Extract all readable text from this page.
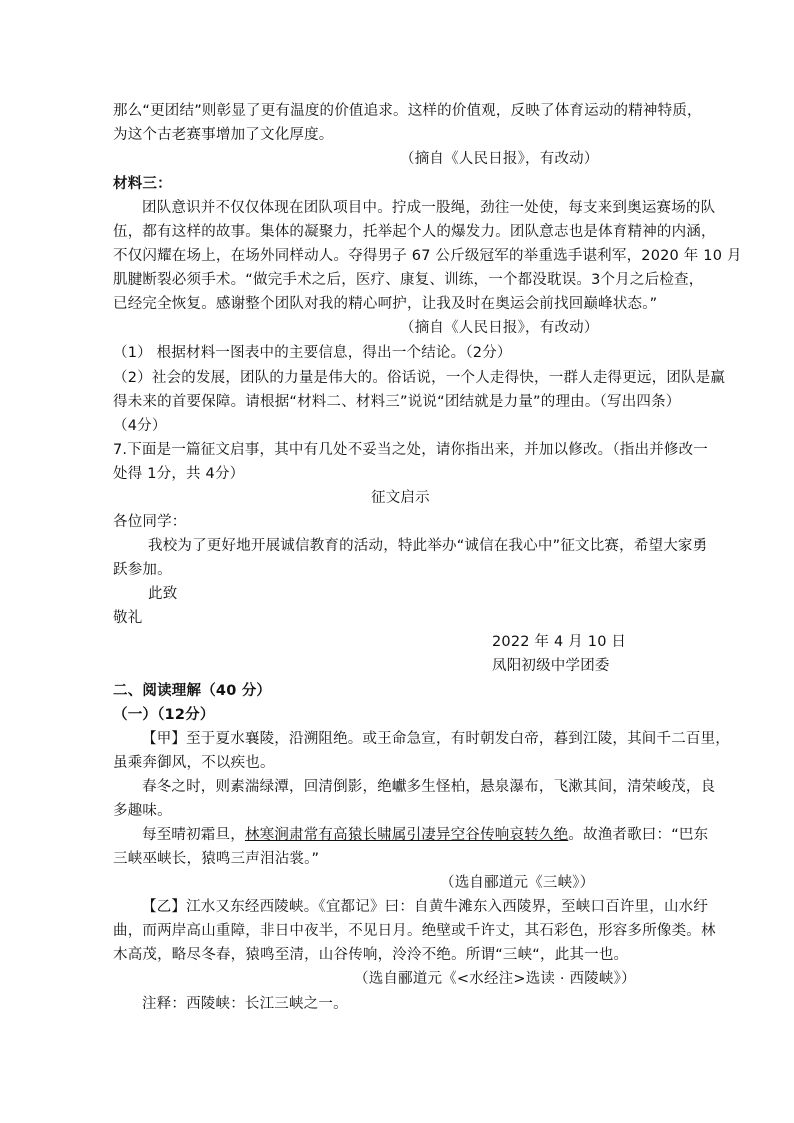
那么“更团结”则彰显了更有温度的价值追求。这样的价值观，反映了体育运动的精神特质，
为这个古老赛事增加了文化厚度。
（摘自《人民日报》，有改动）
材料三：
团队意识并不仅仅体现在团队项目中。拧成一股绳，劲往一处使，每支来到奥运赛场的队
伍，都有这样的故事。集体的凝聚力，托举起个人的爆发力。团队意志也是体育精神的内涵，
不仅闪耀在场上，在场外同样动人。夺得男子 67 公斤级冠军的举重选手谌利军，2020 年 10 月
肌腱断裂必须手术。“做完手术之后，医疗、康复、训练，一个都没耽误。3个月之后检查，
已经完全恢复。感谢整个团队对我的精心呵护，让我及时在奥运会前找回巅峰状态。”
（摘自《人民日报》，有改动）
（1） 根据材料一图表中的主要信息，得出一个结论。（2分）
（2）社会的发展，团队的力量是伟大的。俗话说，一个人走得快，一群人走得更远，团队是赢
得未来的首要保障。请根据“材料二、材料三”说说“团结就是力量”的理由。（写出四条）
（4分）
7.下面是一篇征文启事，其中有几处不妥当之处，请你指出来，并加以修改。（指出并修改一
处得 1分，共 4分）
征文启示
各位同学：
我校为了更好地开展诚信教育的活动，特此举办“诚信在我心中”征文比赛，希望大家勇
跃参加。
此致
敬礼
2022 年 4 月 10 日
凤阳初级中学团委
二、阅读理解（40 分）
（一）（12分）
【甲】至于夏水襄陵，沿溯阻绝。或王命急宣，有时朝发白帝，暮到江陵，其间千二百里，
虽乘奔御风，不以疾也。
春冬之时，则素湍绿潭，回清倒影，绝巘多生怪柏，悬泉瀑布，飞漱其间，清荣峻茂，良
多趣味。
每至晴初霜旦，林寒涧肃常有高猿长啸属引凄异空谷传响哀转久绝。故渔者歌曰：“巴东
三峡巫峡长，猿鸣三声泪沾裳。”
（选自郦道元《三峡》）
【乙】江水又东经西陵峡。《宜都记》曰：自黄牛滩东入西陵界，至峡口百许里，山水纡
曲，而两岸高山重障，非日中夜半，不见日月。绝壁或千许丈，其石彩色，形容多所像类。林
木高茂，略尽冬春，猿鸣至清，山谷传响，泠泠不绝。所谓“三峡“，此其一也。
（选自郦道元《<水经注>选读 · 西陵峡》）
注释：西陵峡：长江三峡之一。
